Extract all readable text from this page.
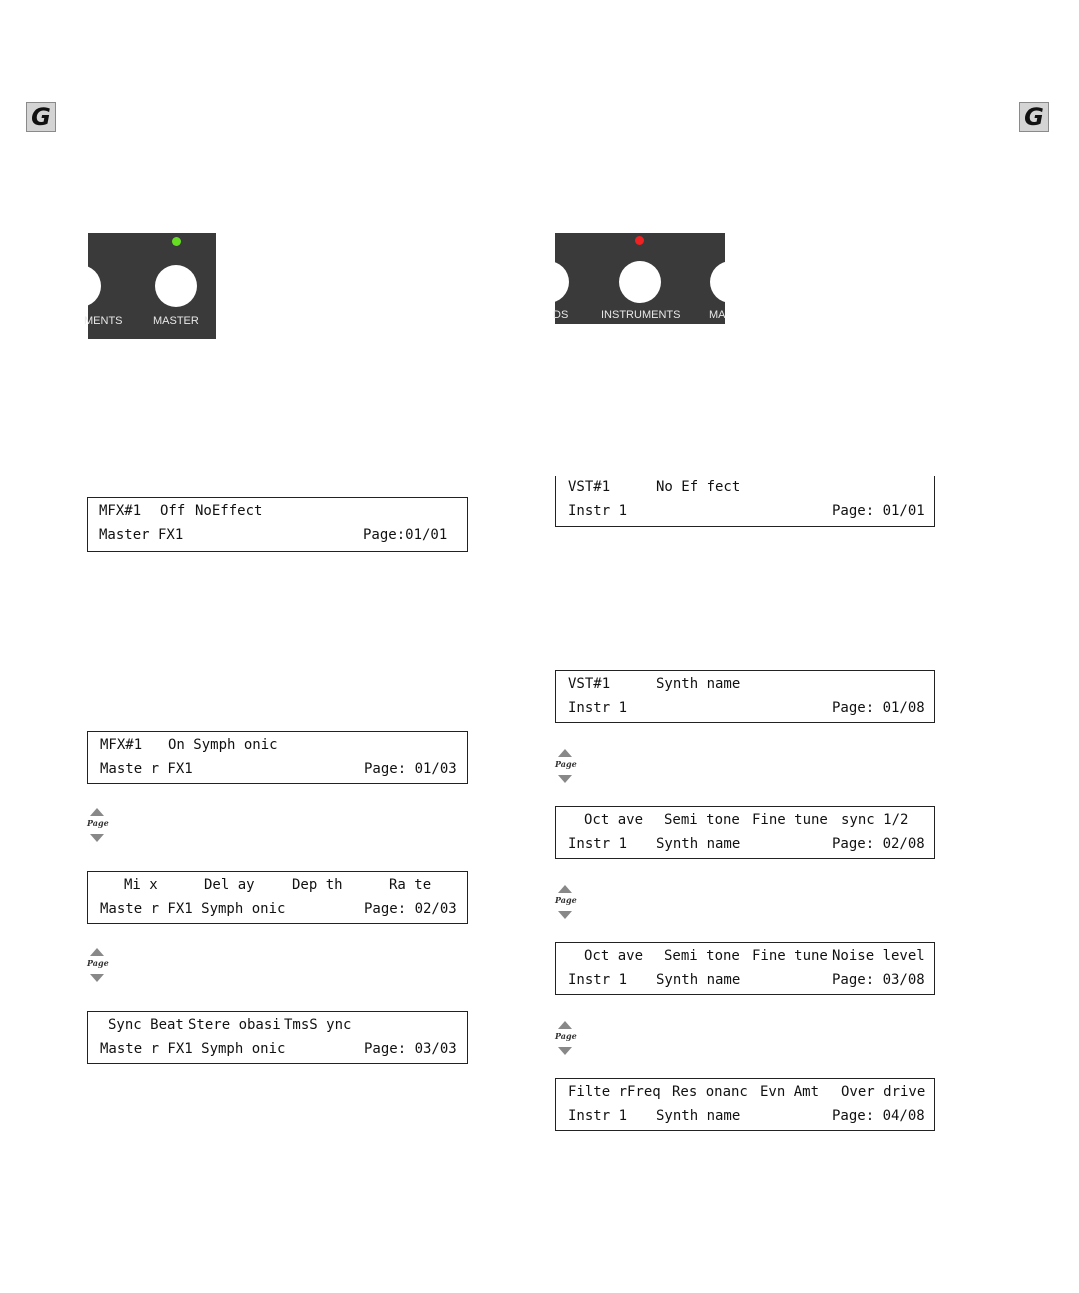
G	G
MENTS	MASTER	DS	INSTRUMENTS	MA
MFX#1 Off NoEffect
Master FX1	Page:01/01
MFX#1 On Symph onic
Maste r FX1	Page: 01/03
Page
Mi x	Del ay	Dep th	Ra te
Maste r FX1 Symph onic	Page: 02/03
Page
Sync Beat Stere obasi TmsS ync
Maste r FX1 Symph onic	Page: 03/03
VST#1	No Ef fect
Instr 1	Page: 01/01
VST#1	Synth name
Instr 1	Page: 01/08
Page
Oct ave Semi tone Fine tune sync 1/2
Instr 1 Synth name	Page: 02/08
Page
Oct ave Semi tone Fine tune Noise level
Instr 1 Synth name	Page: 03/08
Page
Filte rFreq Res onanc Evn Amt Over drive
Instr 1 Synth name	Page: 04/08
